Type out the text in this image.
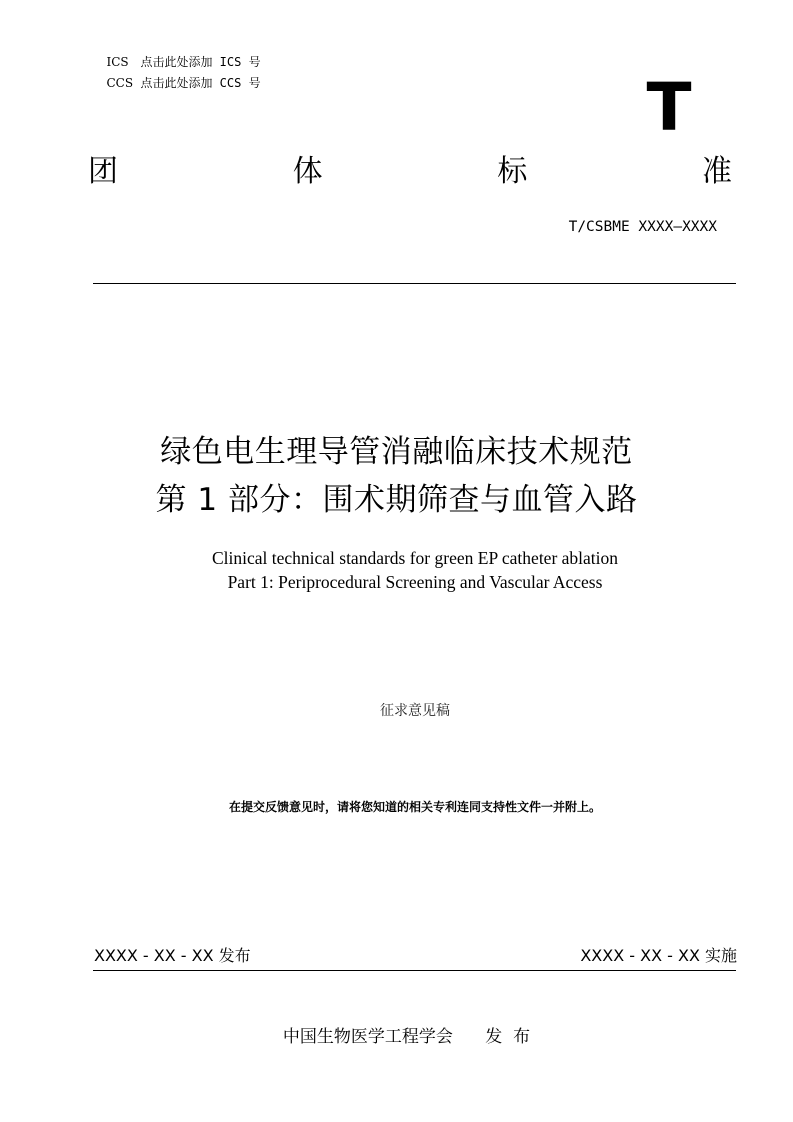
ICS 点击此处添加 ICS 号

CCS 点击此处添加 CCS 号	T
团	体	标	准
T/CSBME XXXX—XXXX
绿色电生理导管消融临床技术规范
第 1 部分：围术期筛查与血管入路
Clinical technical standards for green EP catheter ablation
Part 1: Periprocedural Screening and Vascular Access
征求意见稿
在提交反馈意见时，请将您知道的相关专利连同支持性文件一并附上。
XXXX - XX - XX 发布	XXXX - XX - XX 实施
中国生物医学工程学会      发  布
